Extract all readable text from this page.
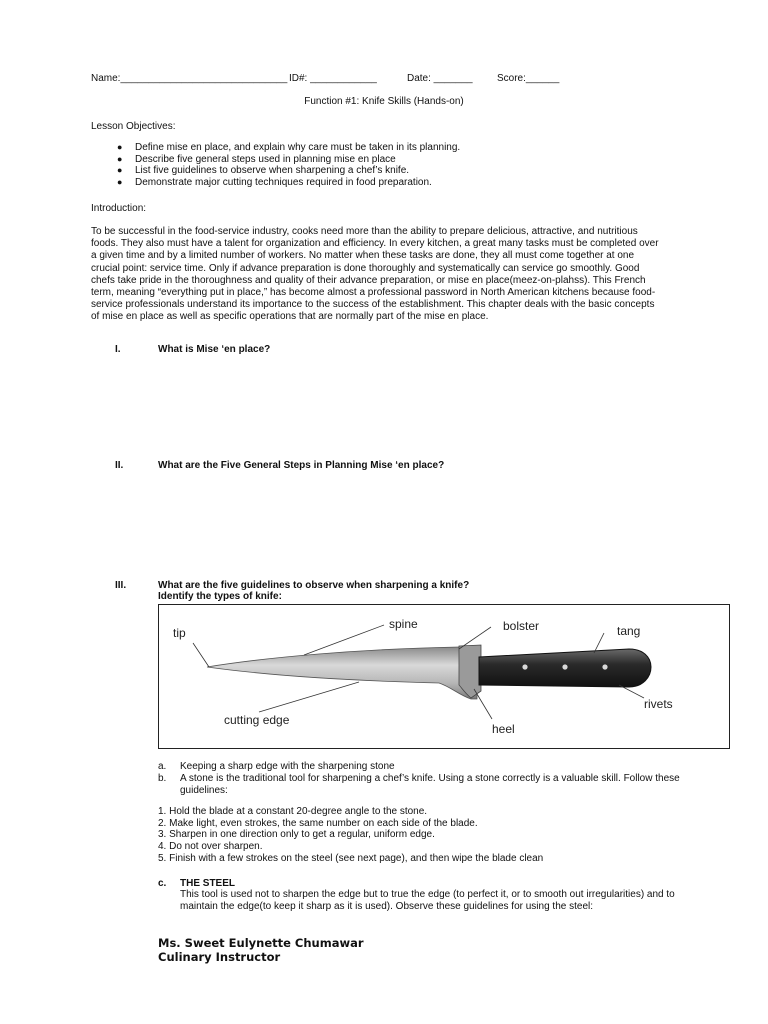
Name:______________________________ ID#: ____________	Date: _______ Score:______
Function #1: Knife Skills (Hands-on)
Lesson Objectives:
● Define mise en place, and explain why care must be taken in its planning.
● Describe five general steps used in planning mise en place
● List five guidelines to observe when sharpening a chef’s knife.
● Demonstrate major cutting techniques required in food preparation.
Introduction:
To be successful in the food-service industry, cooks need more than the ability to prepare delicious, attractive, and nutritious
foods. They also must have a talent for organization and efficiency. In every kitchen, a great many tasks must be completed over
a given time and by a limited number of workers. No matter when these tasks are done, they all must come together at one
crucial point: service time. Only if advance preparation is done thoroughly and systematically can service go smoothly. Good
chefs take pride in the thoroughness and quality of their advance preparation, or mise en place(meez-on-plahss). This French
term, meaning “everything put in place,” has become almost a professional password in North American kitchens because food-
service professionals understand its importance to the success of the establishment. This chapter deals with the basic concepts
of mise en place as well as specific operations that are normally part of the mise en place.
I.	What is Mise ‘en place?
II.	What are the Five General Steps in Planning Mise ‘en place?
III.	What are the five guidelines to observe when sharpening a knife?
Identify the types of knife:
tip
spine	bolster	tang
rivets
heel
cutting edge
a. Keeping a sharp edge with the sharpening stone
b. A stone is the traditional tool for sharpening a chef’s knife. Using a stone correctly is a valuable skill. Follow these guidelines:
1. Hold the blade at a constant 20-degree angle to the stone.
2. Make light, even strokes, the same number on each side of the blade.
3. Sharpen in one direction only to get a regular, uniform edge.
4. Do not over sharpen.
5. Finish with a few strokes on the steel (see next page), and then wipe the blade clean
c. THE STEEL
This tool is used not to sharpen the edge but to true the edge (to perfect it, or to smooth out irregularities) and to maintain the edge(to keep it sharp as it is used). Observe these guidelines for using the steel:
Ms. Sweet Eulynette Chumawar
Culinary Instructor
